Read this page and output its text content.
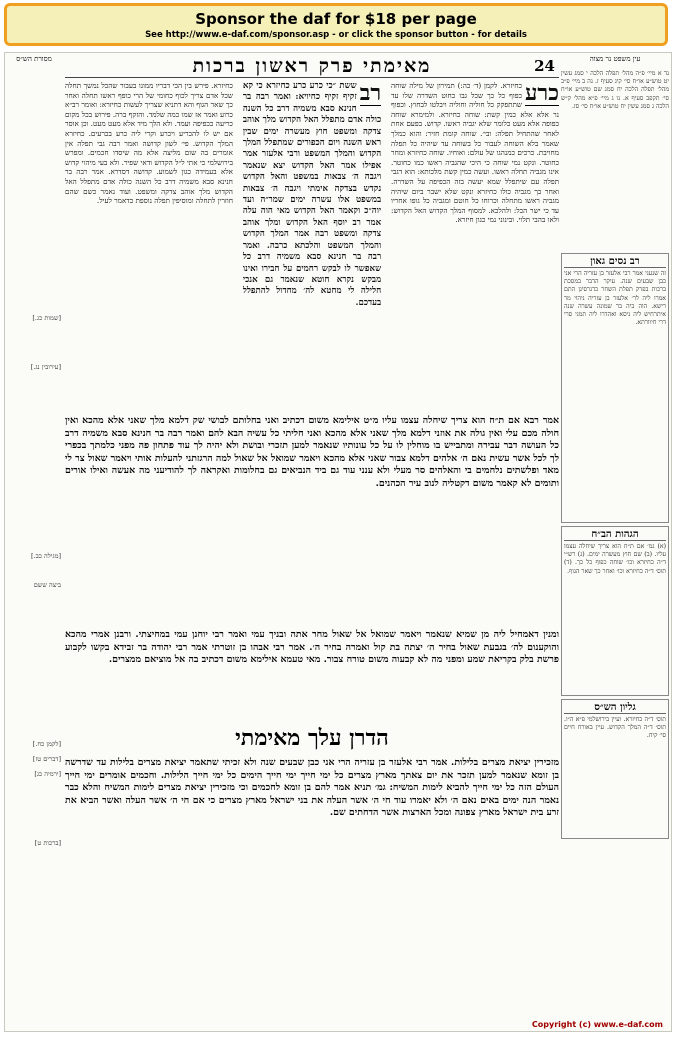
Sponsor the daf for $18 per page
See http://www.e-daf.com/sponsor.asp - or click the sponsor button - for details
עין משפט נר מצוה
נד א מיי׳ פ״ה מהל׳ תפלה הלכה י סמג עשין יט טוש״ע או״ח סי׳ קיג סעיף ז. נה ב מיי׳ פ״ב מהל׳ תפלה הלכה יח סמג שם טוש״ע או״ח סי׳ תקפב סעיף א. נו ג מיי׳ פ״א מהל׳ ק״ש הלכה ג סמג עשין יח טוש״ע או״ח סי׳ סז.
רב נסים גאון
זה שנעני אמר רבי אלעזר בן עזריה הרי אני כבן שבעים שנה. עיקר הדבר במסכת ברכות בפרק תפלת השחר כדגרסינן התם אמרו ליה לר׳ אלעזר בן עזריה ניהוי מר רישא. הוה ביה בר שמונה עשרה שנה איתרחיש ליה ניסא ואהדרו ליה תמני סרי דרי חיוורתא.
הגהות הב״ח
(א) גמ׳ אם ת״ח הוא צריך שיחלה עצמו עליו. (ב) שם חוץ מעשרה ימים. (ג) רש״י ד״ה כחיזרא וכו׳ שוחה כפוף כל כך. (ד) תוס׳ ד״ה כחיזרא וכו׳ ואחר כך שאר הגוף.
גליון הש״ס
תוס׳ ד״ה כחיזרא. ועיין בירושלמי פ״א ה״ו. תוס׳ ד״ה המלך הקדוש. עיין באורח חיים סי׳ קיח.
מסורת הש״ס
[שמות כג.]
[עירובין נג.]
[מגילה כב.]
ביצה ששם
[לקמן כח.]
[דברים טז]
[ירמיה כג]
[ברכות ט]
24
מאימתי פרק ראשון ברכות
כרע
כחיזרא. לקמן (ד׳ כה:) תמירון של מילה שוחה כפוף כל כך שכל גבו כחוט השדרה שלו עד שתתפקק כל חוליה וחוליה ויבלטו לבחוץ. וכפוף נר אלא אלא כמין קשת: שוחה כחיזרא. ולמימרא שוחה כפופה אלא מעט כלומר שלא יגביה ראשו. קדוש. בפעם אחת לאחר שהתחיל תפלה: ובי׳. שוחה קומת חזיר: והוא כמלך שאמר בלא השוחה לעבור כל בשוחה עד שיהיה כל תפלה מחויבת. כרכים כמנהגו של עולם: ואוחיו. שוחה כחיזרא ומחר כחוטר. ונקט נמי שוחה כי היכי שהגביה ראשו כמו כחוטר. אינו מגביה תחלה ראשו. ועשה כמין קשת מלכותא: הוא דגבי תפלה עם שיתפלל שמא יעשה בזה הכפיפה על השדרה. ואחר כך מגביה כולו כחיזרא ונקט שלא ישבר ביום שיהיה מגביה ראשו מתחלה וכרוחו כל חוטם ומגביה כל גופו אחריו עד כי ישר הכל: ולהלכא. למסוף המלך הקדוש האל הקדוש: ולאו בהבי תלוי. ובינוני נמי כגון חיזרא.
רב
ששת ״כי כרע כרע כחיזרא כי קא זקיף זקיף כחיויא: ואמר רבה בר חנינא סבא משמיה דרב כל השנה כולה אדם מתפלל האל הקדוש מלך אוהב צדקה ומשפט חוץ מעשרה ימים שבין ראש השנה ויום הכפורים שמתפלל המלך הקדוש והמלך המשפט ורבי אלעזר אמר אפילו אמר האל הקדוש יצא שנאמר ויגבה ה׳ צבאות במשפט והאל הקדוש נקדש בצדקה אימתי ויגבה ה׳ צבאות במשפט אלו עשרה ימים שמר״ה ועד יוה״כ וקאמר האל הקדוש מאי הוה עלה אמר רב יוסף האל הקדוש ומלך אוהב צדקה ומשפט רבה אמר המלך הקדוש והמלך המשפט והלכתא כרבה. ואמר רבה בר חנינא סבא משמיה דרב כל שאפשר לו לבקש רחמים על חבירו ואינו מבקש נקרא חוטא שנאמר גם אנכי חלילה לי מחטא לה׳ מחדול להתפלל בעדכם.
כחיזרא. פירש בין הכי דבריו ממונו בעבור שהכל נמשך תחלה שכל אדם צריך לכוף כחומי של הרי כופף ראשו תחלה ואחר כך שאר הגוף והא דתניא שצריך לעשות כחיזרא: ואומר רב״א כרוע ואמר אז שמו כמה שלמד. והזקף ברה. פירוש בכל מקום כריעה ככפיפה ועמד. ולא הלך מיד אלא מעט מעט. וכן אוסר אם יש לו להכריע ויכרע וקרי ליה כרע בכרעים. כחיזרא המלך הקדוש. פי׳ לשון קדושה ואמר רבה גבי תפלה אין אומרים בה שום מליצה אלא מה שיסדו חכמים. ומפרש בירושלמי כי אתי ל״ל הקדוש ודאי שפיר. ולא בעי מיהוי קדוש אלא בעמידה כגון לשמוע. קדושה דסדרא. אמר רבה בר חנינא סבא משמיה דרב כל השנה כולה אדם מתפלל האל הקדוש מלך אוהב צדקה ומשפט. ועוד נאמר כשם שהם חוזרין לתחלה ומוסיפין תפלה נוספת כדאמר לעיל.
אמר רבא אם ת״ח הוא צריך שיחלה עצמו עליו מ״ט אילימא משום דכתיב ואני בחלותם לבושי שק דלמא מלך שאני אלא מהכא ואין חולה מכם עלי ואין גולה את אוזני דלמא מלך שאני אלא מהכא ואני חליתי כל עשיה הבא להם ואמר רבה בר חנינא סבא משמיה דרב כל העושה דבר עבירה ומתבייש בו מוחלין לו על כל עונותיו שנאמר למען תזכרי ובושת ולא יהיה לך עוד פתחון פה מפני כלמתך בכפרי לך לכל אשר עשית נאם ה׳ אלהים דלמא צבור שאני אלא מהכא ויאמר שמואל אל שאול למה הרגזתני להעלות אותי ויאמר שאול צר לי מאד ופלשתים נלחמים בי והאלהים סר מעלי ולא ענני עוד גם ביד הנביאים גם בחלומות ואקראה לך להודיעני מה אעשה ואילו אורים ותומים לא קאמר משום דקטליה לנוב עיר הכהנים.
ומנין דאמחיל ליה מן שמיא שנאמר ויאמר שמואל אל שאול מחר אתה ובניך עמי ואמר רבי יוחנן עמי במחיצתי. ורבנן אמרי מהכא והוקענום לה׳ בגבעת שאול בחיר ה׳ יצתה בת קול ואמרה בחיר ה׳. אמר רבי אבהו בן זוטרתי אמר רבי יהודה בר זבידא בקשו לקבוע פרשת בלק בקריאת שמע ומפני מה לא קבעוה משום טורח צבור. מאי טעמא אילימא משום דכתיב בה אל מוציאם ממצרים.
הדרן עלך מאימתי
מזכירין יציאת מצרים בלילות. אמר רבי אלעזר בן עזריה הרי אני כבן שבעים שנה ולא זכיתי שתאמר יציאת מצרים בלילות עד שדרשה בן זומא שנאמר למען תזכר את יום צאתך מארץ מצרים כל ימי חייך ימי חייך הימים כל ימי חייך הלילות. וחכמים אומרים ימי חייך העולם הזה כל ימי חייך להביא לימות המשיח: גמ׳ תניא אמר להם בן זומא לחכמים וכי מזכירין יציאת מצרים לימות המשיח והלא כבר נאמר הנה ימים באים נאם ה׳ ולא יאמרו עוד חי ה׳ אשר העלה את בני ישראל מארץ מצרים כי אם חי ה׳ אשר העלה ואשר הביא את זרע בית ישראל מארץ צפונה ומכל הארצות אשר הדחתים שם.
Copyright (c) www.e-daf.com
